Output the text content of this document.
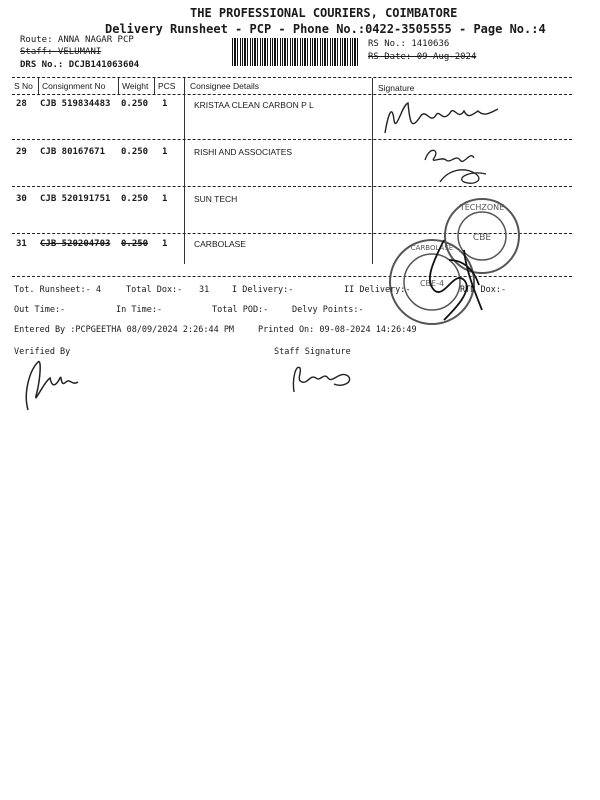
THE PROFESSIONAL COURIERS, COIMBATORE
Delivery Runsheet - PCP - Phone No.:0422-3505555 - Page No.:4
Route: ANNA NAGAR PCP
Staff: VELUMANI
DRS No.: DCJB141063604
RS No.: 1410636
RS Date: 09-Aug-2024
S No Consignment No Weight PCS Consignee Details	Signature
28 CJB 519834483 0.250 1	KRISTAA CLEAN CARBON P L
29 CJB 80167671 0.250 1	RISHI AND ASSOCIATES
30 CJB 520191751 0.250 1	SUN TECH
31 CJB 520204703 0.250 1	CARBOLASE
TECHZONE
CBE
CARBOLASE
CBE-4
Tot. Runsheet:- 4	Total Dox:- 31	I Delivery:-	II Delivery:-	RTN Dox:-
Out Time:-	In Time:-	Total POD:-	Delvy Points:-
Entered By :PCPGEETHA 08/09/2024 2:26:44 PM	Printed On: 09-08-2024 14:26:49
Verified By	Staff Signature
